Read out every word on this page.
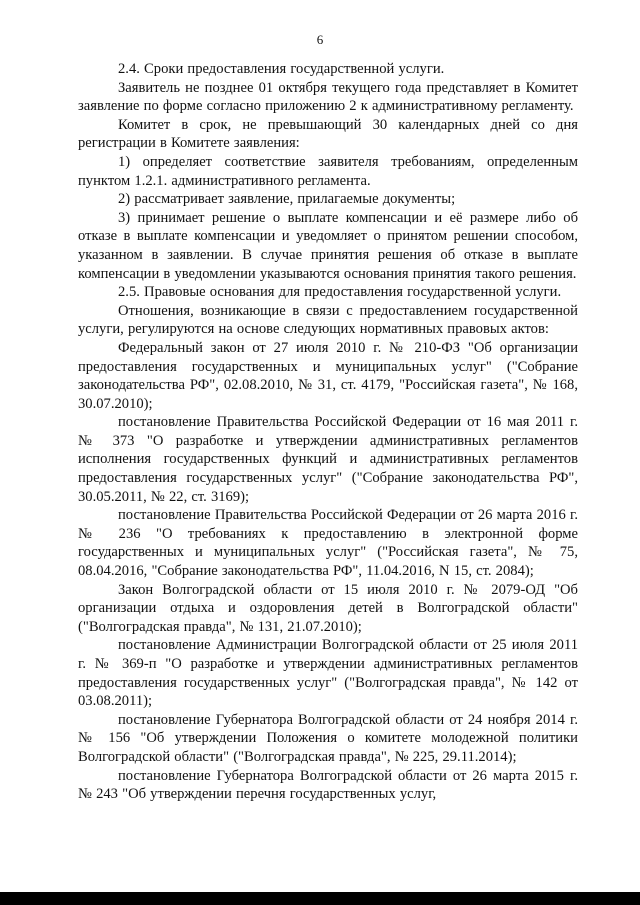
6

2.4. Сроки предоставления государственной услуги.

Заявитель не позднее 01 октября текущего года представляет в Комитет заявление по форме согласно приложению 2 к административному регламенту.

Комитет в срок, не превышающий 30 календарных дней со дня регистрации в Комитете заявления:

1) определяет соответствие заявителя требованиям, определенным пунктом 1.2.1. административного регламента.

2) рассматривает заявление, прилагаемые документы;

3) принимает решение о выплате компенсации и её размере либо об отказе в выплате компенсации и уведомляет о принятом решении способом, указанном в заявлении. В случае принятия решения об отказе в выплате компенсации в уведомлении указываются основания принятия такого решения.

2.5. Правовые основания для предоставления государственной услуги.

Отношения, возникающие в связи с предоставлением государственной услуги, регулируются на основе следующих нормативных правовых актов:

Федеральный закон от 27 июля 2010 г. № 210-ФЗ "Об организации предоставления государственных и муниципальных услуг" ("Собрание законодательства РФ", 02.08.2010, № 31, ст. 4179, "Российская газета", № 168, 30.07.2010);

постановление Правительства Российской Федерации от 16 мая 2011 г. № 373 "О разработке и утверждении административных регламентов исполнения государственных функций и административных регламентов предоставления государственных услуг" ("Собрание законодательства РФ", 30.05.2011, № 22, ст. 3169);

постановление Правительства Российской Федерации от 26 марта 2016 г. № 236 "О требованиях к предоставлению в электронной форме государственных и муниципальных услуг" ("Российская газета", № 75, 08.04.2016, "Собрание законодательства РФ", 11.04.2016, N 15, ст. 2084);

Закон Волгоградской области от 15 июля 2010 г. № 2079-ОД "Об организации отдыха и оздоровления детей в Волгоградской области" ("Волгоградская правда", № 131, 21.07.2010);

постановление Администрации Волгоградской области от 25 июля 2011 г. № 369-п "О разработке и утверждении административных регламентов предоставления государственных услуг" ("Волгоградская правда", № 142 от 03.08.2011);

постановление Губернатора Волгоградской области от 24 ноября 2014 г. № 156 "Об утверждении Положения о комитете молодежной политики Волгоградской области" ("Волгоградская правда", № 225, 29.11.2014);

постановление Губернатора Волгоградской области от 26 марта 2015 г. № 243 "Об утверждении перечня государственных услуг,
